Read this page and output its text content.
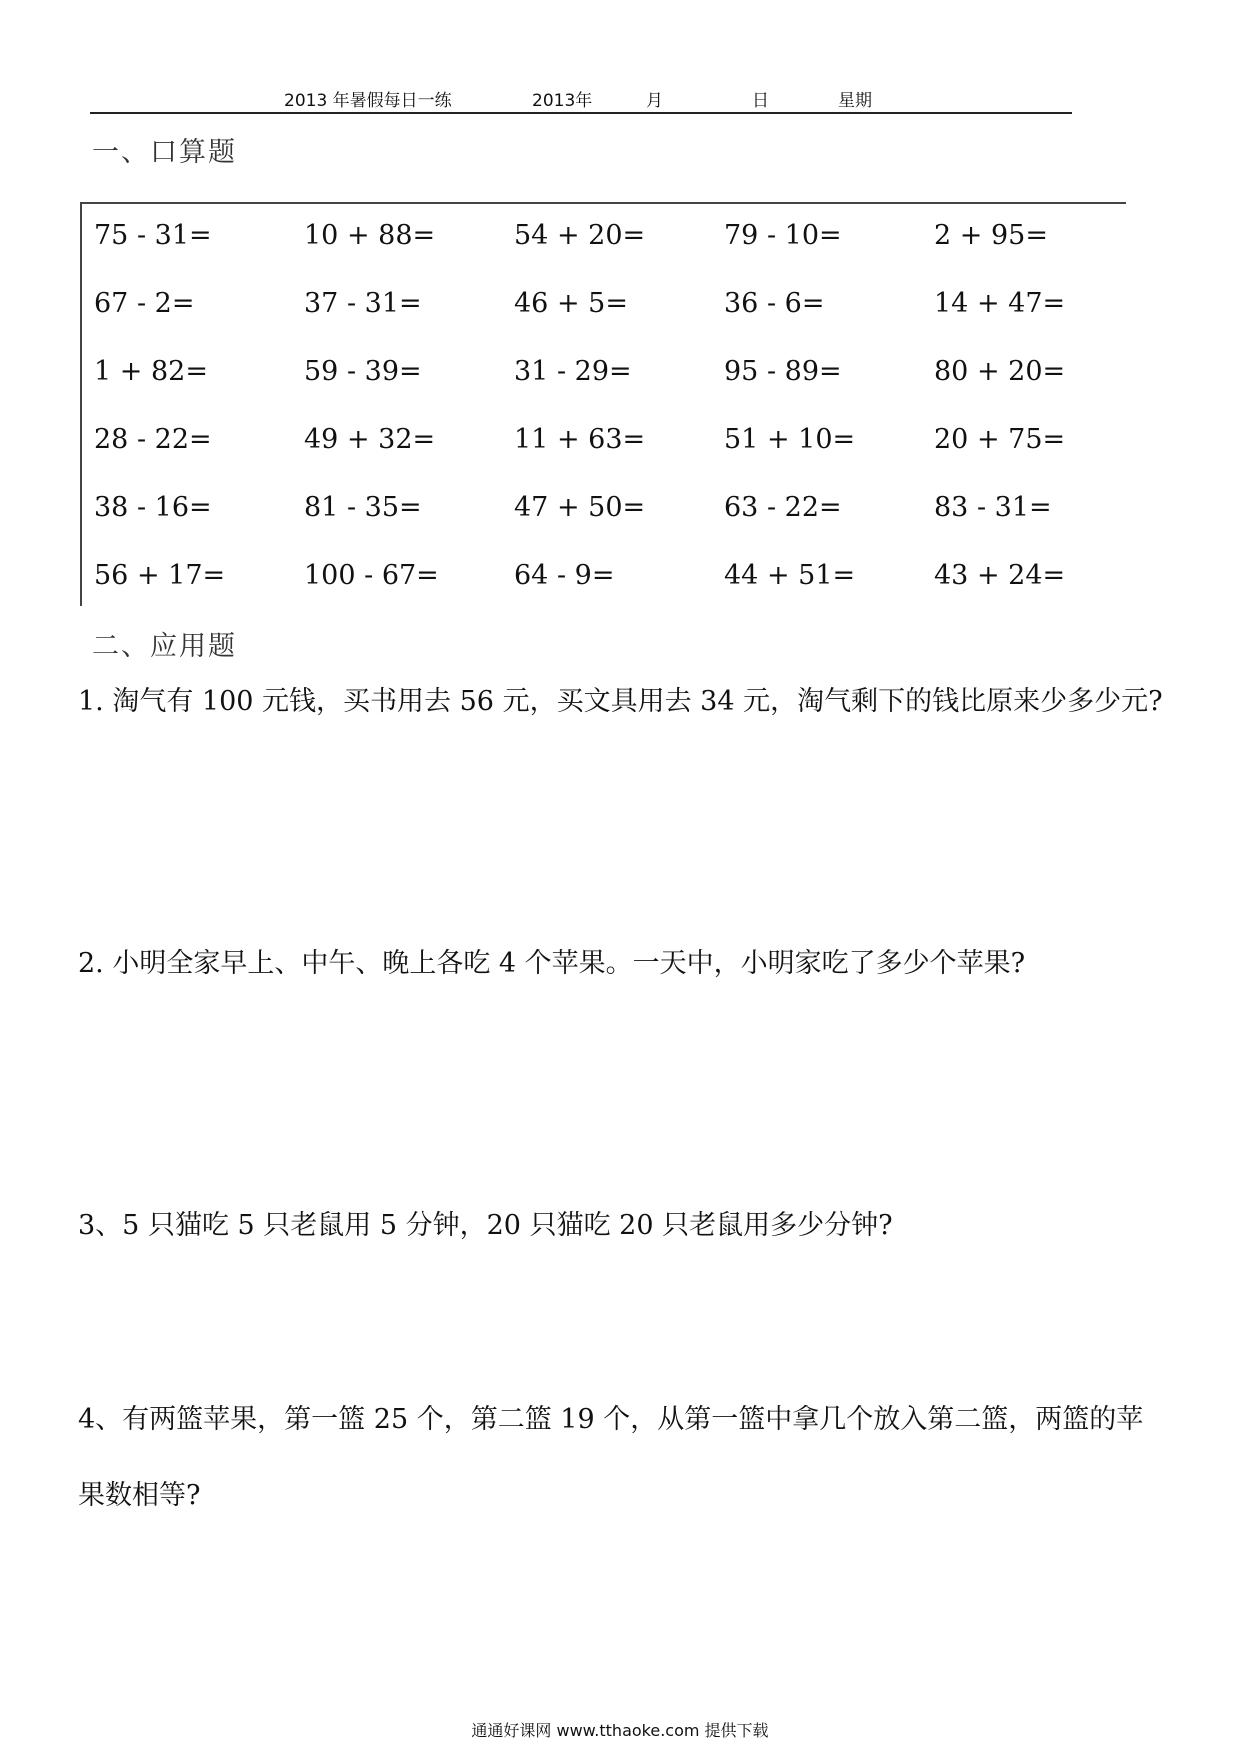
2013 年暑假每日一练	2013年	月	日	星期
一、口算题
75 - 31=	10 + 88=	54 + 20=	79 - 10=	2 + 95=
67 - 2=	37 - 31=	46 + 5=	36 - 6=	14 + 47=
1 + 82=	59 - 39=	31 - 29=	95 - 89=	80 + 20=
28 - 22=	49 + 32=	11 + 63=	51 + 10=	20 + 75=
38 - 16=	81 - 35=	47 + 50=	63 - 22=	83 - 31=
56 + 17=	100 - 67=	64 - 9=	44 + 51=	43 + 24=
二、应用题
1. 淘气有 100 元钱，买书用去 56 元，买文具用去 34 元，淘气剩下的钱比原来少多少元?
2. 小明全家早上、中午、晚上各吃 4 个苹果。一天中，小明家吃了多少个苹果?
3、5 只猫吃 5 只老鼠用 5 分钟，20 只猫吃 20 只老鼠用多少分钟?
4、有两篮苹果，第一篮 25 个，第二篮 19 个，从第一篮中拿几个放入第二篮，两篮的苹果数相等?
通通好课网 www.tthaoke.com 提供下载
